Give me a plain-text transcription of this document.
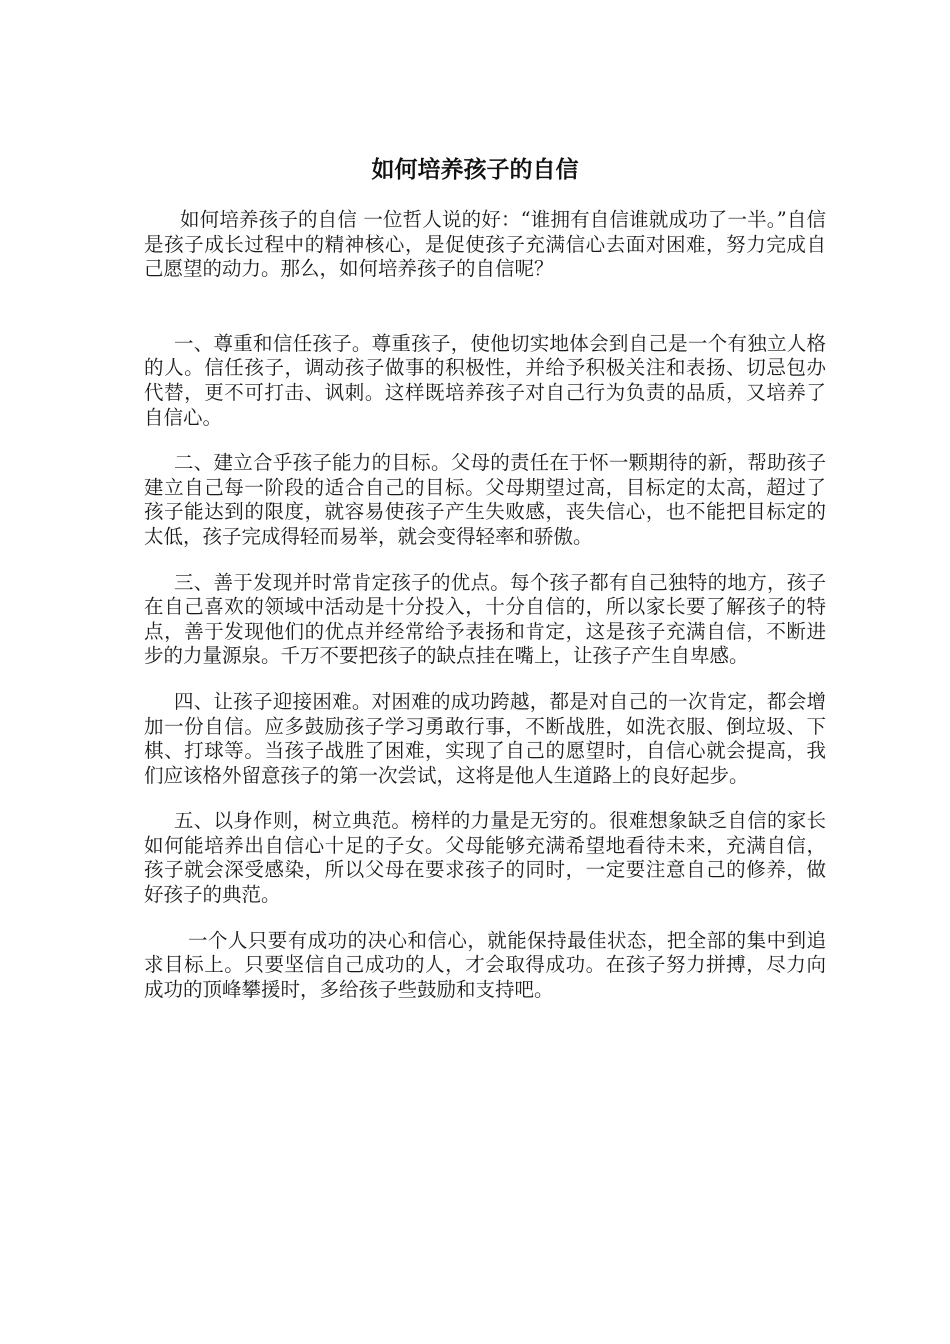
如何培养孩子的自信

如何培养孩子的自信 一位哲人说的好：“谁拥有自信谁就成功了一半。”自信是孩子成长过程中的精神核心，是促使孩子充满信心去面对困难，努力完成自己愿望的动力。那么，如何培养孩子的自信呢？

一、尊重和信任孩子。尊重孩子，使他切实地体会到自己是一个有独立人格的人。信任孩子，调动孩子做事的积极性，并给予积极关注和表扬、切忌包办代替，更不可打击、讽刺。这样既培养孩子对自己行为负责的品质，又培养了自信心。

二、建立合乎孩子能力的目标。父母的责任在于怀一颗期待的新，帮助孩子建立自己每一阶段的适合自己的目标。父母期望过高，目标定的太高，超过了孩子能达到的限度，就容易使孩子产生失败感，丧失信心，也不能把目标定的太低，孩子完成得轻而易举，就会变得轻率和骄傲。

三、善于发现并时常肯定孩子的优点。每个孩子都有自己独特的地方，孩子在自己喜欢的领域中活动是十分投入，十分自信的，所以家长要了解孩子的特点，善于发现他们的优点并经常给予表扬和肯定，这是孩子充满自信，不断进步的力量源泉。千万不要把孩子的缺点挂在嘴上，让孩子产生自卑感。

四、让孩子迎接困难。对困难的成功跨越，都是对自己的一次肯定，都会增加一份自信。应多鼓励孩子学习勇敢行事，不断战胜，如洗衣服、倒垃圾、下棋、打球等。当孩子战胜了困难，实现了自己的愿望时，自信心就会提高，我们应该格外留意孩子的第一次尝试，这将是他人生道路上的良好起步。

五、以身作则，树立典范。榜样的力量是无穷的。很难想象缺乏自信的家长如何能培养出自信心十足的子女。父母能够充满希望地看待未来，充满自信，孩子就会深受感染，所以父母在要求孩子的同时，一定要注意自己的修养，做好孩子的典范。

一个人只要有成功的决心和信心，就能保持最佳状态，把全部的集中到追求目标上。只要坚信自己成功的人，才会取得成功。在孩子努力拼搏，尽力向成功的顶峰攀援时，多给孩子些鼓励和支持吧。
